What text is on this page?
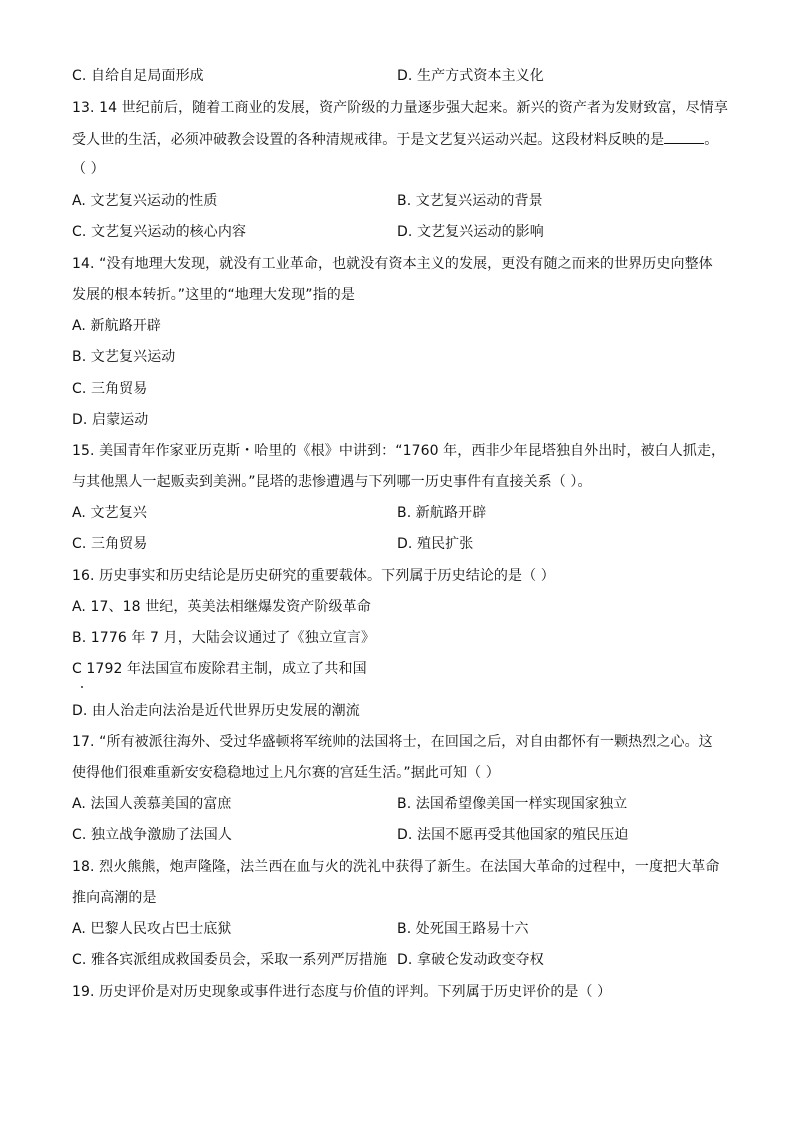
C. 自给自足局面形成	D. 生产方式资本主义化
13. 14 世纪前后，随着工商业的发展，资产阶级的力量逐步强大起来。新兴的资产者为发财致富，尽情享
受人世的生活，必须冲破教会设置的各种清规戒律。于是文艺复兴运动兴起。这段材料反映的是	。
（ ）
A. 文艺复兴运动的性质	B. 文艺复兴运动的背景
C. 文艺复兴运动的核心内容	D. 文艺复兴运动的影响
14. “没有地理大发现，就没有工业革命，也就没有资本主义的发展，更没有随之而来的世界历史向整体
发展的根本转折。”这里的“地理大发现”指的是
A. 新航路开辟
B. 文艺复兴运动
C. 三角贸易
D. 启蒙运动
15. 美国青年作家亚历克斯・哈里的《根》中讲到：“1760 年，西非少年昆塔独自外出时，被白人抓走，
与其他黑人一起贩卖到美洲。”昆塔的悲惨遭遇与下列哪一历史事件有直接关系（ ）。
A. 文艺复兴	B. 新航路开辟
C. 三角贸易	D. 殖民扩张
16. 历史事实和历史结论是历史研究的重要载体。下列属于历史结论的是（ ）
A. 17、18 世纪，英美法相继爆发资产阶级革命
B. 1776 年 7 月，大陆会议通过了《独立宣言》
C 1792 年法国宣布废除君主制，成立了共和国
D. 由人治走向法治是近代世界历史发展的潮流
17. “所有被派往海外、受过华盛顿将军统帅的法国将士，在回国之后，对自由都怀有一颗热烈之心。这
使得他们很难重新安安稳稳地过上凡尔赛的宫廷生活。”据此可知（ ）
A. 法国人羡慕美国的富庶	B. 法国希望像美国一样实现国家独立
C. 独立战争激励了法国人	D. 法国不愿再受其他国家的殖民压迫
18. 烈火熊熊，炮声隆隆，法兰西在血与火的洗礼中获得了新生。在法国大革命的过程中，一度把大革命
推向高潮的是
A. 巴黎人民攻占巴士底狱	B. 处死国王路易十六
C. 雅各宾派组成救国委员会，采取一系列严厉措施 D. 拿破仑发动政变夺权
19. 历史评价是对历史现象或事件进行态度与价值的评判。下列属于历史评价的是（ ）
